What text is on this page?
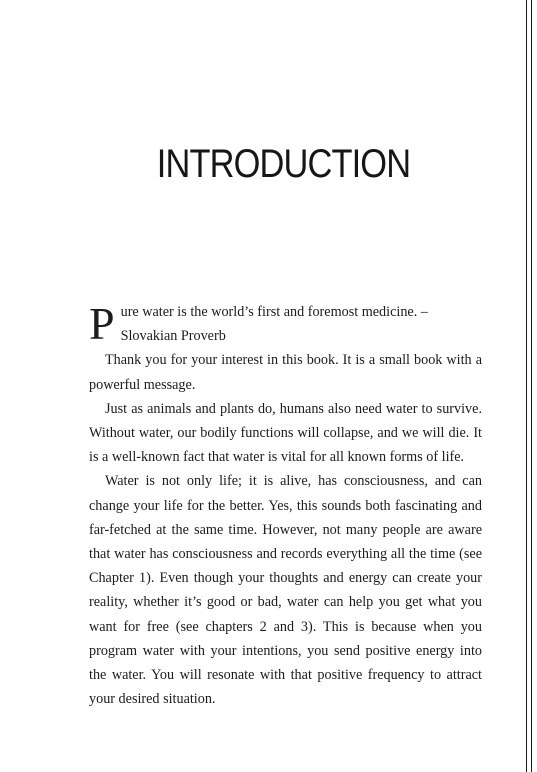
INTRODUCTION

Pure water is the world’s first and foremost medicine. – Slovakian Proverb

Thank you for your interest in this book. It is a small book with a powerful message.

Just as animals and plants do, humans also need water to survive. Without water, our bodily functions will collapse, and we will die. It is a well-known fact that water is vital for all known forms of life.

Water is not only life; it is alive, has consciousness, and can change your life for the better. Yes, this sounds both fascinating and far-fetched at the same time. However, not many people are aware that water has consciousness and records everything all the time (see Chapter 1). Even though your thoughts and energy can create your reality, whether it’s good or bad, water can help you get what you want for free (see chapters 2 and 3). This is because when you program water with your intentions, you send positive energy into the water. You will resonate with that positive frequency to attract your desired situation.
